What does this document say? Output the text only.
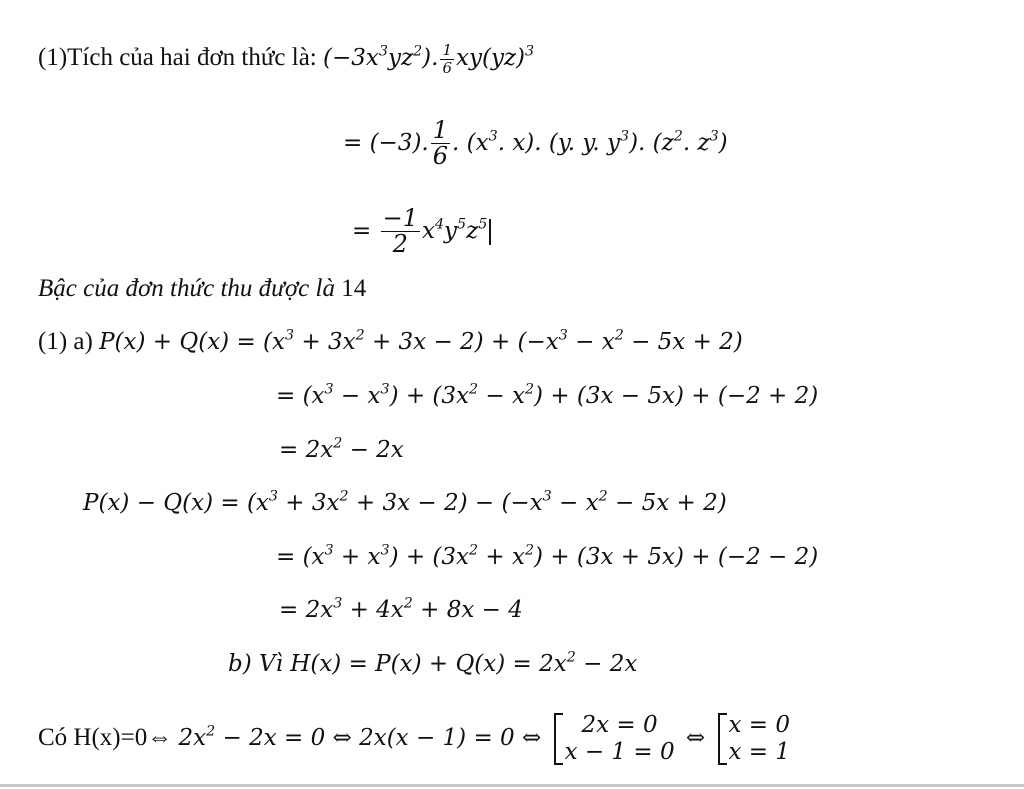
(1)Tích của hai đơn thức là: $(-3x^3yz^2)$. $\frac{1}{6} xy(yz)^3$
= (−3). $\frac{1}{6}$ . ($x^3$. x). (y. y. $y^3$). ($z^2$. $z^3$)
= $\frac{-1}{2} x^4y^5z^5$
Bậc của đơn thức thu được là 14
(1) a) $P(x) + Q(x) = (x^3 + 3x^2 + 3x - 2) + (-x^3 - x^2 - 5x + 2)$
= $(x^3 - x^3) + (3x^2 - x^2) + (3x - 5x) + (-2 + 2)$
= $2x^2 - 2x$
$P(x) - Q(x) = (x^3 + 3x^2 + 3x - 2) - (-x^3 - x^2 - 5x + 2)$
= $(x^3 + x^3) + (3x^2 + x^2) + (3x + 5x) + (-2 - 2)$
= $2x^3 + 4x^2 + 8x - 4$
b) Vì $H(x) = P(x) + Q(x) = 2x^2 - 2x$
Có H(x)=0⇔ $2x^2 - 2x = 0$ ⇔ 2x(x − 1) = 0 ⇔	2x = 0
x − 1 = 0
⇔ x = 0
x = 1
